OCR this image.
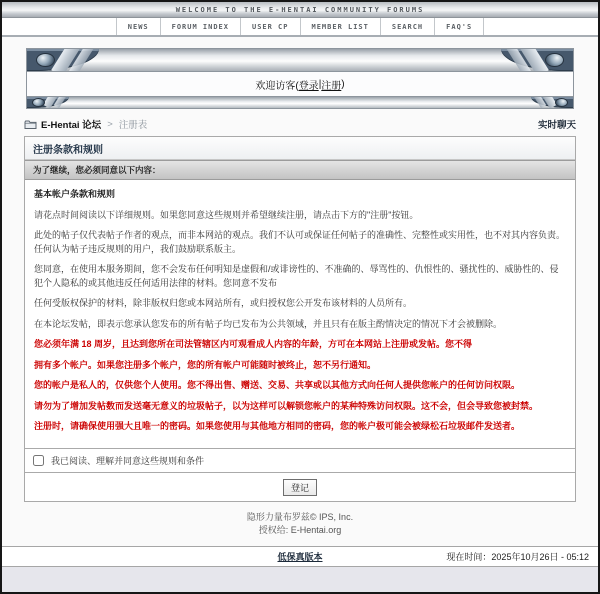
WELCOME TO THE E-HENTAI COMMUNITY FORUMS
NEWS	FORUM INDEX	USER CP	MEMBER LIST	SEARCH	FAQ'S
欢迎访客( 登录 | 注册 )
E-Hentai 论坛 > 注册表	实时聊天
注册条款和规则
为了继续，您必须同意以下内容：

基本帐户条款和规则

请花点时间阅读以下详细规则。如果您同意这些规则并希望继续注册，请点击下方的"注册"按钮。

此处的帖子仅代表帖子作者的观点，而非本网站的观点。我们不认可或保证任何帖子的准确性、完整性或实用性，也不对其内容负责。任何认为帖子违反规则的用户，我们鼓励联系版主。

您同意，在使用本服务期间，您不会发布任何明知是虚假和/或诽谤性的、不准确的、辱骂性的、仇恨性的、骚扰性的、威胁性的、侵犯个人隐私的或其他违反任何适用法律的材料。您同意不发布

任何受版权保护的材料，除非版权归您或本网站所有，或归授权您公开发布该材料的人员所有。

在本论坛发帖，即表示您承认您发布的所有帖子均已发布为公共领域，并且只有在版主酌情决定的情况下才会被删除。

您必须年满 18 周岁，且达到您所在司法管辖区内可观看成人内容的年龄，方可在本网站上注册或发帖。您不得

拥有多个帐户。如果您注册多个帐户，您的所有帐户可能随时被终止，恕不另行通知。

您的帐户是私人的，仅供您个人使用。您不得出售、赠送、交易、共享或以其他方式向任何人提供您帐户的任何访问权限。

请勿为了增加发帖数而发送毫无意义的垃圾帖子，以为这样可以解锁您帐户的某种特殊访问权限。这不会，但会导致您被封禁。

注册时，请确保使用强大且唯一的密码。如果您使用与其他地方相同的密码，您的帐户极可能会被绿松石垃圾邮件发送者。

我已阅读、理解并同意这些规则和条件
登记
隐形力量布罗兹© IPS, Inc.
授权给: E-Hentai.org
低保真版本	现在时间：2025年10月26日 - 05:12
